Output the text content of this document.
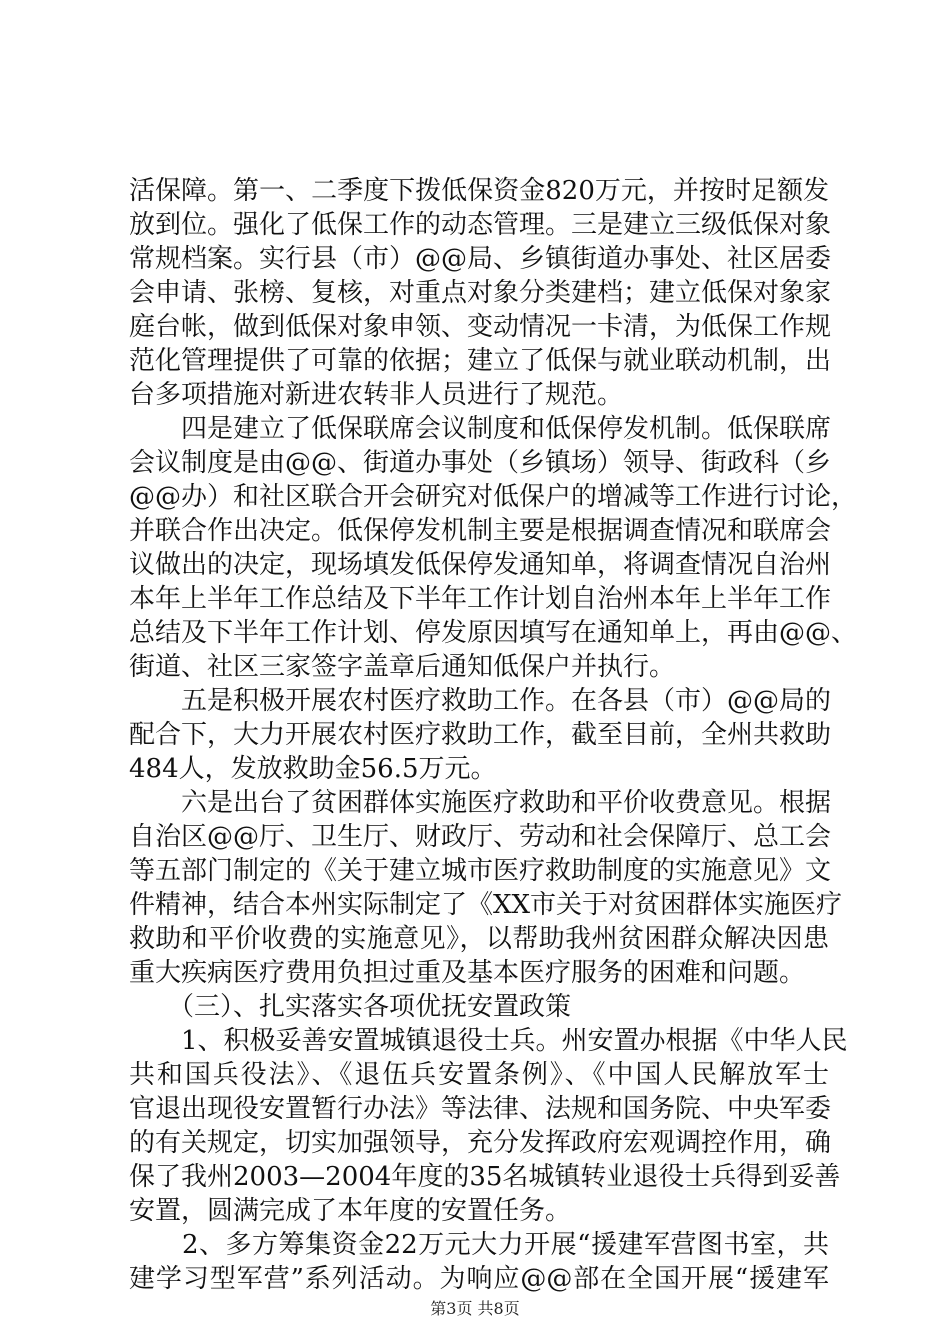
活保障。第一、二季度下拨低保资金820万元，并按时足额发
放到位。强化了低保工作的动态管理。三是建立三级低保对象
常规档案。实行县（市）@@局、乡镇街道办事处、社区居委
会申请、张榜、复核，对重点对象分类建档；建立低保对象家
庭台帐，做到低保对象申领、变动情况一卡清，为低保工作规
范化管理提供了可靠的依据；建立了低保与就业联动机制，出
台多项措施对新进农转非人员进行了规范。
　　四是建立了低保联席会议制度和低保停发机制。低保联席
会议制度是由@@、街道办事处（乡镇场）领导、街政科（乡
@@办）和社区联合开会研究对低保户的增减等工作进行讨论，
并联合作出决定。低保停发机制主要是根据调查情况和联席会
议做出的决定，现场填发低保停发通知单，将调查情况自治州
本年上半年工作总结及下半年工作计划自治州本年上半年工作
总结及下半年工作计划、停发原因填写在通知单上，再由@@、
街道、社区三家签字盖章后通知低保户并执行。
　　五是积极开展农村医疗救助工作。在各县（市）@@局的
配合下，大力开展农村医疗救助工作，截至目前，全州共救助
484人，发放救助金56.5万元。
　　六是出台了贫困群体实施医疗救助和平价收费意见。根据
自治区@@厅、卫生厅、财政厅、劳动和社会保障厅、总工会
等五部门制定的《关于建立城市医疗救助制度的实施意见》文
件精神，结合本州实际制定了《XX市关于对贫困群体实施医疗
救助和平价收费的实施意见》，以帮助我州贫困群众解决因患
重大疾病医疗费用负担过重及基本医疗服务的困难和问题。
　　（三）、扎实落实各项优抚安置政策
　　1、积极妥善安置城镇退役士兵。州安置办根据《中华人民
共和国兵役法》、《退伍兵安置条例》、《中国人民解放军士
官退出现役安置暂行办法》等法律、法规和国务院、中央军委
的有关规定，切实加强领导，充分发挥政府宏观调控作用，确
保了我州2003—2004年度的35名城镇转业退役士兵得到妥善
安置，圆满完成了本年度的安置任务。
　　2、多方筹集资金22万元大力开展“援建军营图书室，共
建学习型军营”系列活动。为响应@@部在全国开展“援建军
第3页 共8页
